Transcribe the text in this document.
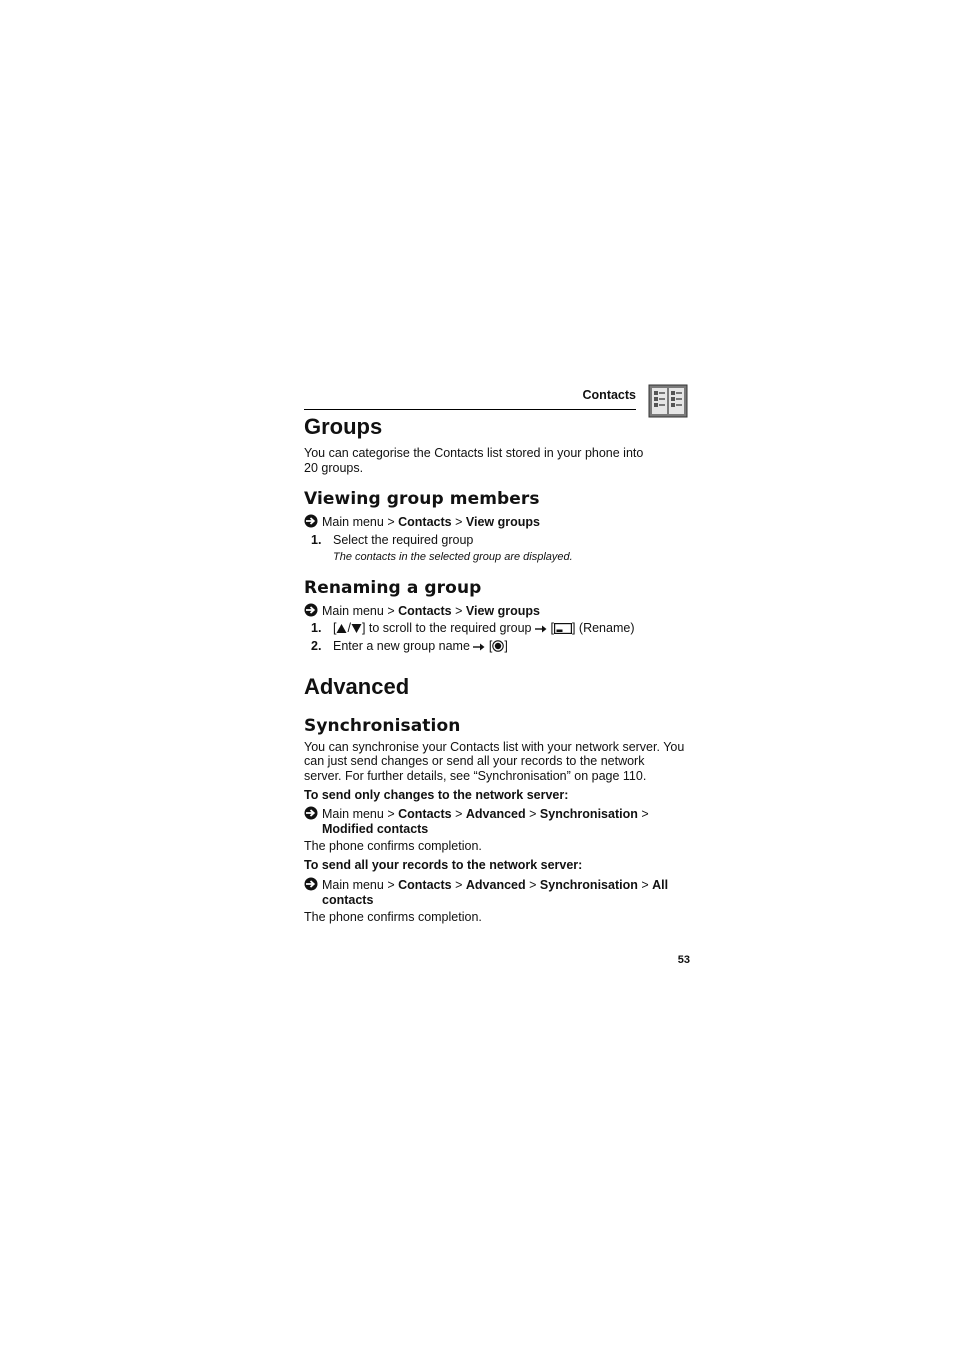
Contacts
Groups
You can categorise the Contacts list stored in your phone into
20 groups.
Viewing group members
Main menu > Contacts > View groups
1. Select the required group
The contacts in the selected group are displayed.
Renaming a group
Main menu > Contacts > View groups
1. [ / ] to scroll to the required group [ ] (Rename)
2. Enter a new group name [ ]
Advanced
Synchronisation
You can synchronise your Contacts list with your network server. You
can just send changes or send all your records to the network
server. For further details, see “Synchronisation” on page 110.
To send only changes to the network server:
Main menu > Contacts > Advanced > Synchronisation >
Modified contacts
The phone confirms completion.
To send all your records to the network server:
Main menu > Contacts > Advanced > Synchronisation > All
contacts
The phone confirms completion.
53
